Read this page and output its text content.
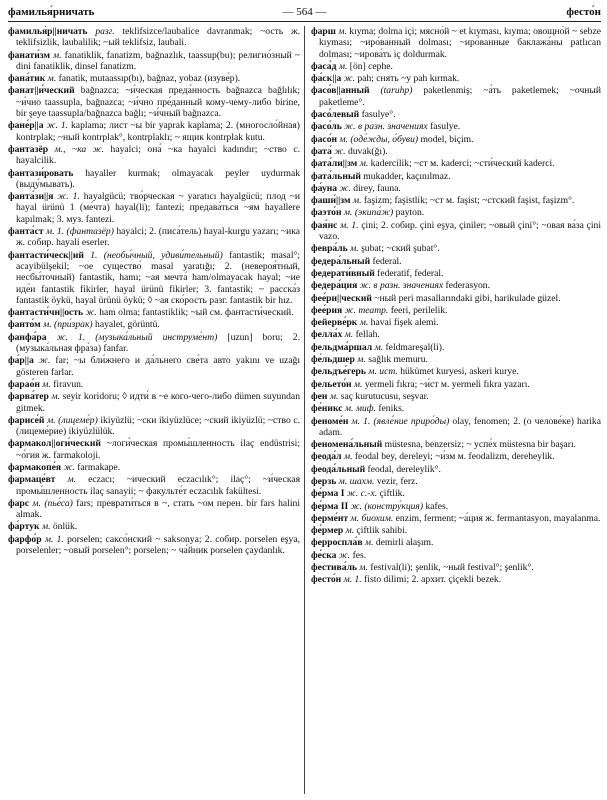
фамилья́рничать	— 564 —	фесто́н

фамилья́р||ничать разг. teklifsizce/laubalice davranmak; ~ость ж. teklifsizlik, laubalilik; ~ый teklifsiz, laubali.

фанати́зм м. fanatiklik, fanatizm, bağnazlık, taassup(bu); религио́зный ~ dini fanatiklik, dinsel fanatizm.

фана́тик м. fanatik, mutaassıp(bı), bağnaz, yobaz (изуве́р).

фанат||и́ческий bağnazca; ~и́ческая преда́нность bağnazca bağlılık; ~и́чно taassupla, bağnazca; ~и́чно пре́данный кому-чему-либо birine, bir şeye taassupla/bağnazca bağlı; ~и́чный bağnazca.

фане́р||а ж. 1. kaplama; лист ~ы bir yaprak kaplama; 2. (многосло́йная) kontrplak; ~ный kontrplak°, kontrplaklı; ~ ящик kontrplak kutu.

фантазёр м., ~ка ж. hayalci; она́ ~ка hayalci kadındır; ~ство с. hayalcilik.

фантази́ровать hayaller kurmak; olmayacak peyler uydurmak (выду́мывать).

фанта́зи||я ж. 1. hayalgücü; тво́рческая ~ yaratıcı hayalgücü; плод ~и hayal ürünü 1 (ме́чта) hayal(li); fantezi; предава́ться ~ям hayallere kapılmak; 3. муз. fantezi.

фанта́ст м. 1. (фантазёр) hayalci; 2. (писа́тель) hayal-kurgu yazarı; ~ика ж. собир. hayali eserler.

фантасти́ческ||ий 1. (необы́чный, удиви́тельный) fantastik; masal°; acayibülşekil; ~ое существо́ masal yaratığı; 2. (невероя́тный, несбы́точный) fantastik, hamı; ~ая мечта́ ham/olmayacak hayal; ~ие иде́и fantastik fikirler, hayal ürünü fikirler; 3. fantastik; ~ расска́з fantastik öykü, hayal ürünü öykü; ◊ ~ая ско́рость разг. fantastik bir hız.

фантасти́чн||ость ж. ham olma; fantastiklik; ~ый см. фантасти́ческий.

фанто́м м. (при́зрак) hayalet, görüntü.

фанфа́ра ж. 1. (музыка́льный инструме́нт) [uzun] boru; 2. (музыка́льная фра́за) fanfar.

фа́р||а ж. far; ~ы бли́жнего и да́льнего све́та авто yakını ve uzağı gösteren farlar.

фарао́н м. firavun.

фарва́тер м. seyir koridoru; ◊ идти́ в ~е кого-чего-либо dümen suyundan gitmek.

фарисе́й м. (лицеме́р) ikiyüzlü; ~ски ikiyüzlüce; ~ский ikiyüzlü; ~ство с. (лицеме́рие) ikiyüzlülük.

фармакол||оги́ческий ~логи́ческая промы́шленность ilaç endüstrisi; ~о́гия ж. farmakoloji.

фармакопе́я ж. farmakape.

фармаце́вт м. eczacı; ~ический eczacılık°; ilaç°; ~и́ческая промы́шленность ilaç sanayii; ~ факульте́т eczacılık fakültesi.

фарс м. (пье́са) fars; преврати́ться в ~, стать ~ом перен. bir fars halini almak.

фа́ртук м. önlük.

фарфо́р м. 1. porselen; саксо́нский ~ saksonya; 2. собир. porselen eşya, porselenler; ~овый porselen°; porselen; ~ ча́йник porselen çaydanlık.

фарш м. kıyma; dolma içi; мясно́й ~ et kıyması, kıyma; овощно́й ~ sebze kıyması; ~иро́ванный dolması; ~иро́ванные баклажа́ны patlıcan dolması; ~ирова́ть iç doldurmak.

фаса́д м. [ön] cephe.

фа́ск||а ж. pah; снять ~у pah kırmak.

фасо́в||анный (taruhp) paketlenmiş; ~а́ть paketlemek; ~очный paketleme°.

фасо́левый fasulye°.

фасо́ль ж. в разн. значениях fasulye.

фасо́н м. (оде́жды, о́буви) model, biçim.

фата́ ж. duvak(ğı).

фата́ли||зм м. kadercilik; ~ст м. kaderci; ~сти́ческий kaderci.

фата́льный mukadder, kaçınılmaz.

фа́уна ж. direy, fauna.

фаши́||зм м. faşizm; faşistlik; ~ст м. faşist; ~стский faşist, faşizm°.

фаэто́н м. (экипа́ж) payton.

фая́нс м. 1. çini; 2. собир. çini eşya, çiniler; ~овый çini°; ~овая ва́за çini vazo.

февра́ль м. şubat; ~ский şubat°.

федера́льный federal.

федерати́вный federatif, federal.

федера́ция ж. в разн. значениях federasyon.

фее́ри||ческий ~ный peri masallarındaki gibi, harikulade güzel.

фее́рия ж. театр. feeri, perilelik.

фейерве́рк м. havai fişek alemi.

фелла́х м. fellah.

фельдма́ршал м. feldmareşal(li).

фе́льдшер м. sağlık memuru.

фельдъе́герь м. ист. hükümet kuryesi, askeri kurye.

фельето́н м. yermeli fıkra; ~и́ст м. yermeli fıkra yazarı.

фен м. saç kurutucusu, seşvar.

фе́никс м. миф. feniks.

феноме́н м. 1. (явле́ние приро́ды) olay, fenomen; 2. (о челове́ке) harika adam.

феномена́льный müstesna, benzersiz; ~ успе́х müstesna bir başarı.

феода́л м. feodal bey, dereleyi; ~и́зм м. feodalizm, dereheylik.

феода́льный feodal, dereleylik°.

ферзь м. шахм. vezir, ferz.

фе́рма I ж. с.-х. çiftlik.

фе́рма II ж. (констру́кция) kafes.

ферме́нт м. биохим. enzim, ferment; ~а́ция ж. fermantasyon, mayalanma.

фе́рмер м. çiftlik sahibi.

ферроспла́в м. demirli alaşım.

фе́ска ж. fes.

фестива́ль м. festival(li); şenlik, ~ный festival°; şenlik°.

фесто́н м. 1. fisto dilimi; 2. архит. çiçekli bezek.
